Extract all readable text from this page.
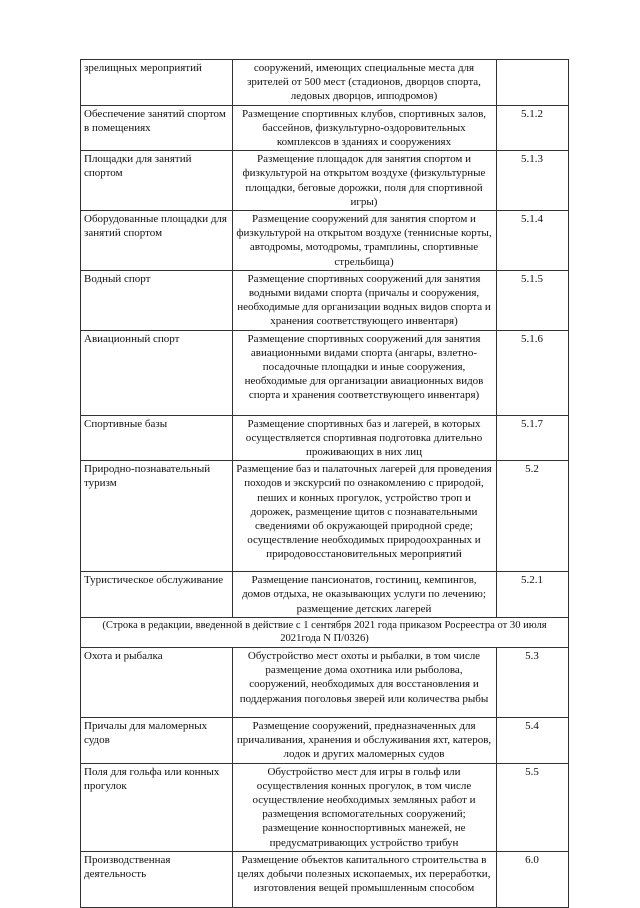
зрелищных мероприятий	сооружений, имеющих специальные места для зрителей от 500 мест (стадионов, дворцов спорта, ледовых дворцов, ипподромов)	
Обеспечение занятий спортом в помещениях	Размещение спортивных клубов, спортивных залов, бассейнов, физкультурно-оздоровительных комплексов в зданиях и сооружениях	5.1.2
Площадки для занятий спортом	Размещение площадок для занятия спортом и физкультурой на открытом воздухе (физкультурные площадки, беговые дорожки, поля для спортивной игры)	5.1.3
Оборудованные площадки для занятий спортом	Размещение сооружений для занятия спортом и физкультурой на открытом воздухе (теннисные корты, автодромы, мотодромы, трамплины, спортивные стрельбища)	5.1.4
Водный спорт	Размещение спортивных сооружений для занятия водными видами спорта (причалы и сооружения, необходимые для организации водных видов спорта и хранения соответствующего инвентаря)	5.1.5
Авиационный спорт	Размещение спортивных сооружений для занятия авиационными видами спорта (ангары, взлетно-посадочные площадки и иные сооружения, необходимые для организации авиационных видов спорта и хранения соответствующего инвентаря)	5.1.6
Спортивные базы	Размещение спортивных баз и лагерей, в которых осуществляется спортивная подготовка длительно проживающих в них лиц	5.1.7
Природно-познавательный туризм	Размещение баз и палаточных лагерей для проведения походов и экскурсий по ознакомлению с природой, пеших и конных прогулок, устройство троп и дорожек, размещение щитов с познавательными сведениями об окружающей природной среде; осуществление необходимых природоохранных и природовосстановительных мероприятий	5.2
Туристическое обслуживание	Размещение пансионатов, гостиниц, кемпингов, домов отдыха, не оказывающих услуги по лечению; размещение детских лагерей	5.2.1
(Строка в редакции, введенной в действие с 1 сентября 2021 года приказом Росреестра от 30 июля 2021года N П/0326)		
Охота и рыбалка	Обустройство мест охоты и рыбалки, в том числе размещение дома охотника или рыболова, сооружений, необходимых для восстановления и поддержания поголовья зверей или количества рыбы	5.3
Причалы для маломерных судов	Размещение сооружений, предназначенных для причаливания, хранения и обслуживания яхт, катеров, лодок и других маломерных судов	5.4
Поля для гольфа или конных прогулок	Обустройство мест для игры в гольф или осуществления конных прогулок, в том числе осуществление необходимых земляных работ и размещения вспомогательных сооружений; размещение конноспортивных манежей, не предусматривающих устройство трибун	5.5
Производственная деятельность	Размещение объектов капитального строительства в целях добычи полезных ископаемых, их переработки, изготовления вещей промышленным способом	6.0
